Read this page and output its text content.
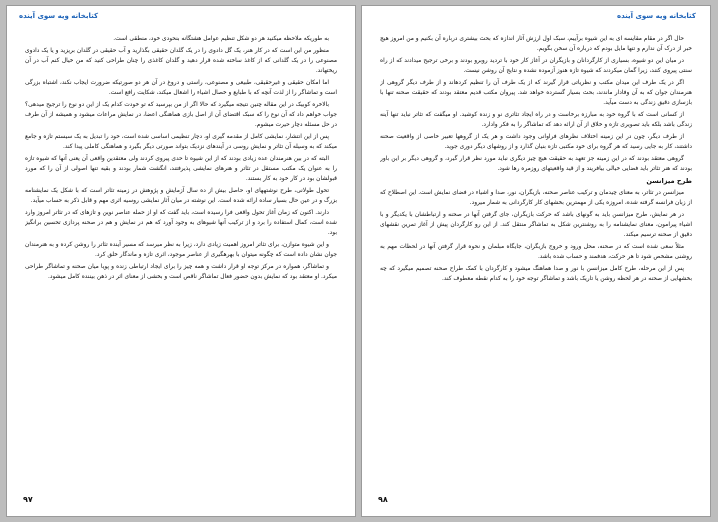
کتابخانه ویه سوی آینده

به طوریکه ملاحظه میکنید هر دو شکل تنظیم عوامل هشتگانه بنحودی خود، منطقی است.

منظور من این است که در کار هنر، یک گل دادوی را در یک گلدان حقیقی بگذارید و آب حقیقی در گلدان بریزید و یا یک دادوی مصنوعی را در یک گلدانی که از کاغذ ساخته شده قرار دهید و گلدان کاغذی را چنان طراحی کنید که من خیال کنم آب در آن ریختهاند.

اما امکان حقیقی و غیرحقیقی، طبیعی و مصنوعی، راستی و دروغ در آن هر دو صورتیکه ضرورت ایجاب نکند، اشتباه بزرگی است و تماشاگر را از لذت آنچه که با طبایع و خصال اشیاء را اشغال میکند، شکایت رافع است.

بالاخره کوبیک در این مقاله چنین نتیجه میگیرد که حالا اگر از من بپرسید که تو خودت کدام یک از این دو نوع را ترجیح میدهی؟ جواب خواهم داد که آن نوع را که سبک اقتضای آن از اصل بازی هماهنگی اعضا، در نمایش مراعات میشود و همیشه از آن طرف در حل مسئله دچار حیرت میشوم.

پس از این انتشار، نمایشی کامل از مقدمه گیری او، دچار تنظیمی اساسی شده است، خود را تبدیل به یک سیستم تازه و جامع میکند که به وسیله آن تئاتر و نمایش روسی در آیندهای نزدیک بتواند صورتی دیگر بگیرد و هماهنگی کاملی پیدا کند.

البته که در بین هنرمندان عده زیادی بودند که از این شیوه تا حدی پیروی کردند ولی معتقدین واقعی آن یعنی آنها که شیوه تازه را به عنوان یک مکتب مستقل در تئاتر و هنرهای نمایشی پذیرفتند، انگشت شمار بودند و بقیه تنها اصولی از آن را که مورد قبولشان بود در کار خود به کار بستند.

تحول طولانی، طرح نوشتههای او، حاصل بیش از ده سال آزمایش و پژوهش در زمینه تئاتر است که با شکل یک نمایشنامه بزرگ و در عین حال بسیار ساده ارائه شده است. این نوشته در میان آثار نمایشی روسیه اثری مهم و قابل ذکر به حساب میآید.

دارند. اکنون که زمان آغاز تحول واقعی فرا رسیده است، باید گفت که او از حمله عناصر نوین و تازهای که در تئاتر امروز وارد شده است، کمال استفاده را برد و از ترکیب آنها شیوهای به وجود آورد که هم در نمایش و هم در صحنه پردازی تحسین برانگیز بود.

و این شیوه متوازن، برای تئاتر امروز اهمیت زیادی دارد، زیرا به نظر میرسد که مسیر آینده تئاتر را روشن کرده و به هنرمندان جوان نشان داده است که چگونه میتوان با بهرهگیری از عناصر موجود، اثری تازه و ماندگار خلق کرد.

و تماشاگر، همواره در مرکز توجه او قرار داشت و همه چیز را برای ایجاد ارتباطی زنده و پویا میان صحنه و تماشاگر طراحی میکرد. او معتقد بود که نمایش بدون حضور فعال تماشاگر ناقص است و بخشی از معنای اثر در ذهن بیننده کامل میشود.

۹۷
کتابخانه ویه سوی آینده

حال اگر در مقام مقایسه ای به این شیوه برآییم، سبک اول ارزش آثار اندازه که بحث بیشتری درباره آن بکنیم و من امروز هیچ خبر از درک آن ندارم و تنها مایل بودم که درباره آن سخن بگویم.

در میان این دو شیوه، بسیاری از کارگردانان و بازیگران در آغاز کار خود با تردید روبرو بودند و برخی ترجیح میدادند که از راه سنتی پیروی کنند، زیرا گمان میکردند که شیوه تازه هنوز آزموده نشده و نتایج آن روشن نیست.

اگر در یک طرف این میدان مکتب و نظریاتی قرار گیرند که از یک طرف آن را تنظیم کردهاند و از طرف دیگر گروهی از هنرمندان جوان که به آن وفادار ماندند، بحث بسیار گسترده خواهد شد. پیروان مکتب قدیم معتقد بودند که حقیقت صحنه تنها با بازسازی دقیق زندگی به دست میآید.

از کسانی است که با گروه خود به مبارزه برخاست و در راه ایجاد تئاتری نو و زنده کوشید. او میگفت که تئاتر نباید تنها آینه زندگی باشد بلکه باید تصویری تازه و خلاق از آن ارائه دهد که تماشاگر را به فکر وادارد.

از طرف دیگر، چون در این زمینه اختلاف نظرهای فراوانی وجود داشت و هر یک از گروهها تعبیر خاصی از واقعیت صحنه داشتند، کار به جایی رسید که هر گروه برای خود مکتبی تازه بنیان گذارد و از روشهای دیگر دوری جوید.

گروهی معتقد بودند که در این زمینه جز تعهد به حقیقت هیچ چیز دیگری نباید مورد نظر قرار گیرد، و گروهی دیگر بر این باور بودند که هنر تئاتر باید فضایی خیالی بیافریند و از قید واقعیتهای روزمره رها شود.

طرح میزانسن

میزانسن در تئاتر، به معنای چیدمان و ترکیب عناصر صحنه، بازیگران، نور، صدا و اشیاء در فضای نمایش است. این اصطلاح که از زبان فرانسه گرفته شده، امروزه یکی از مهمترین بخشهای کار کارگردانی به شمار میرود.

در هر نمایش، طرح میزانسن باید به گونهای باشد که حرکت بازیگران، جای گرفتن آنها در صحنه و ارتباطشان با یکدیگر و با اشیاء پیرامون، معنای نمایشنامه را به روشنترین شکل به تماشاگر منتقل کند. از این رو کارگردان پیش از آغاز تمرین نقشهای دقیق از صحنه ترسیم میکند.

مثلاً سعی شده است که در صحنه، محل ورود و خروج بازیگران، جایگاه مبلمان و نحوه قرار گرفتن آنها در لحظات مهم به روشنی مشخص شود تا هر حرکت، هدفمند و حساب شده باشد.

پس از این مرحله، طرح کامل میزانسن با نور و صدا هماهنگ میشود و کارگردان با کمک طراح صحنه تصمیم میگیرد که چه بخشهایی از صحنه در هر لحظه روشن یا تاریک باشد و تماشاگر توجه خود را به کدام نقطه معطوف کند.

۹۸
